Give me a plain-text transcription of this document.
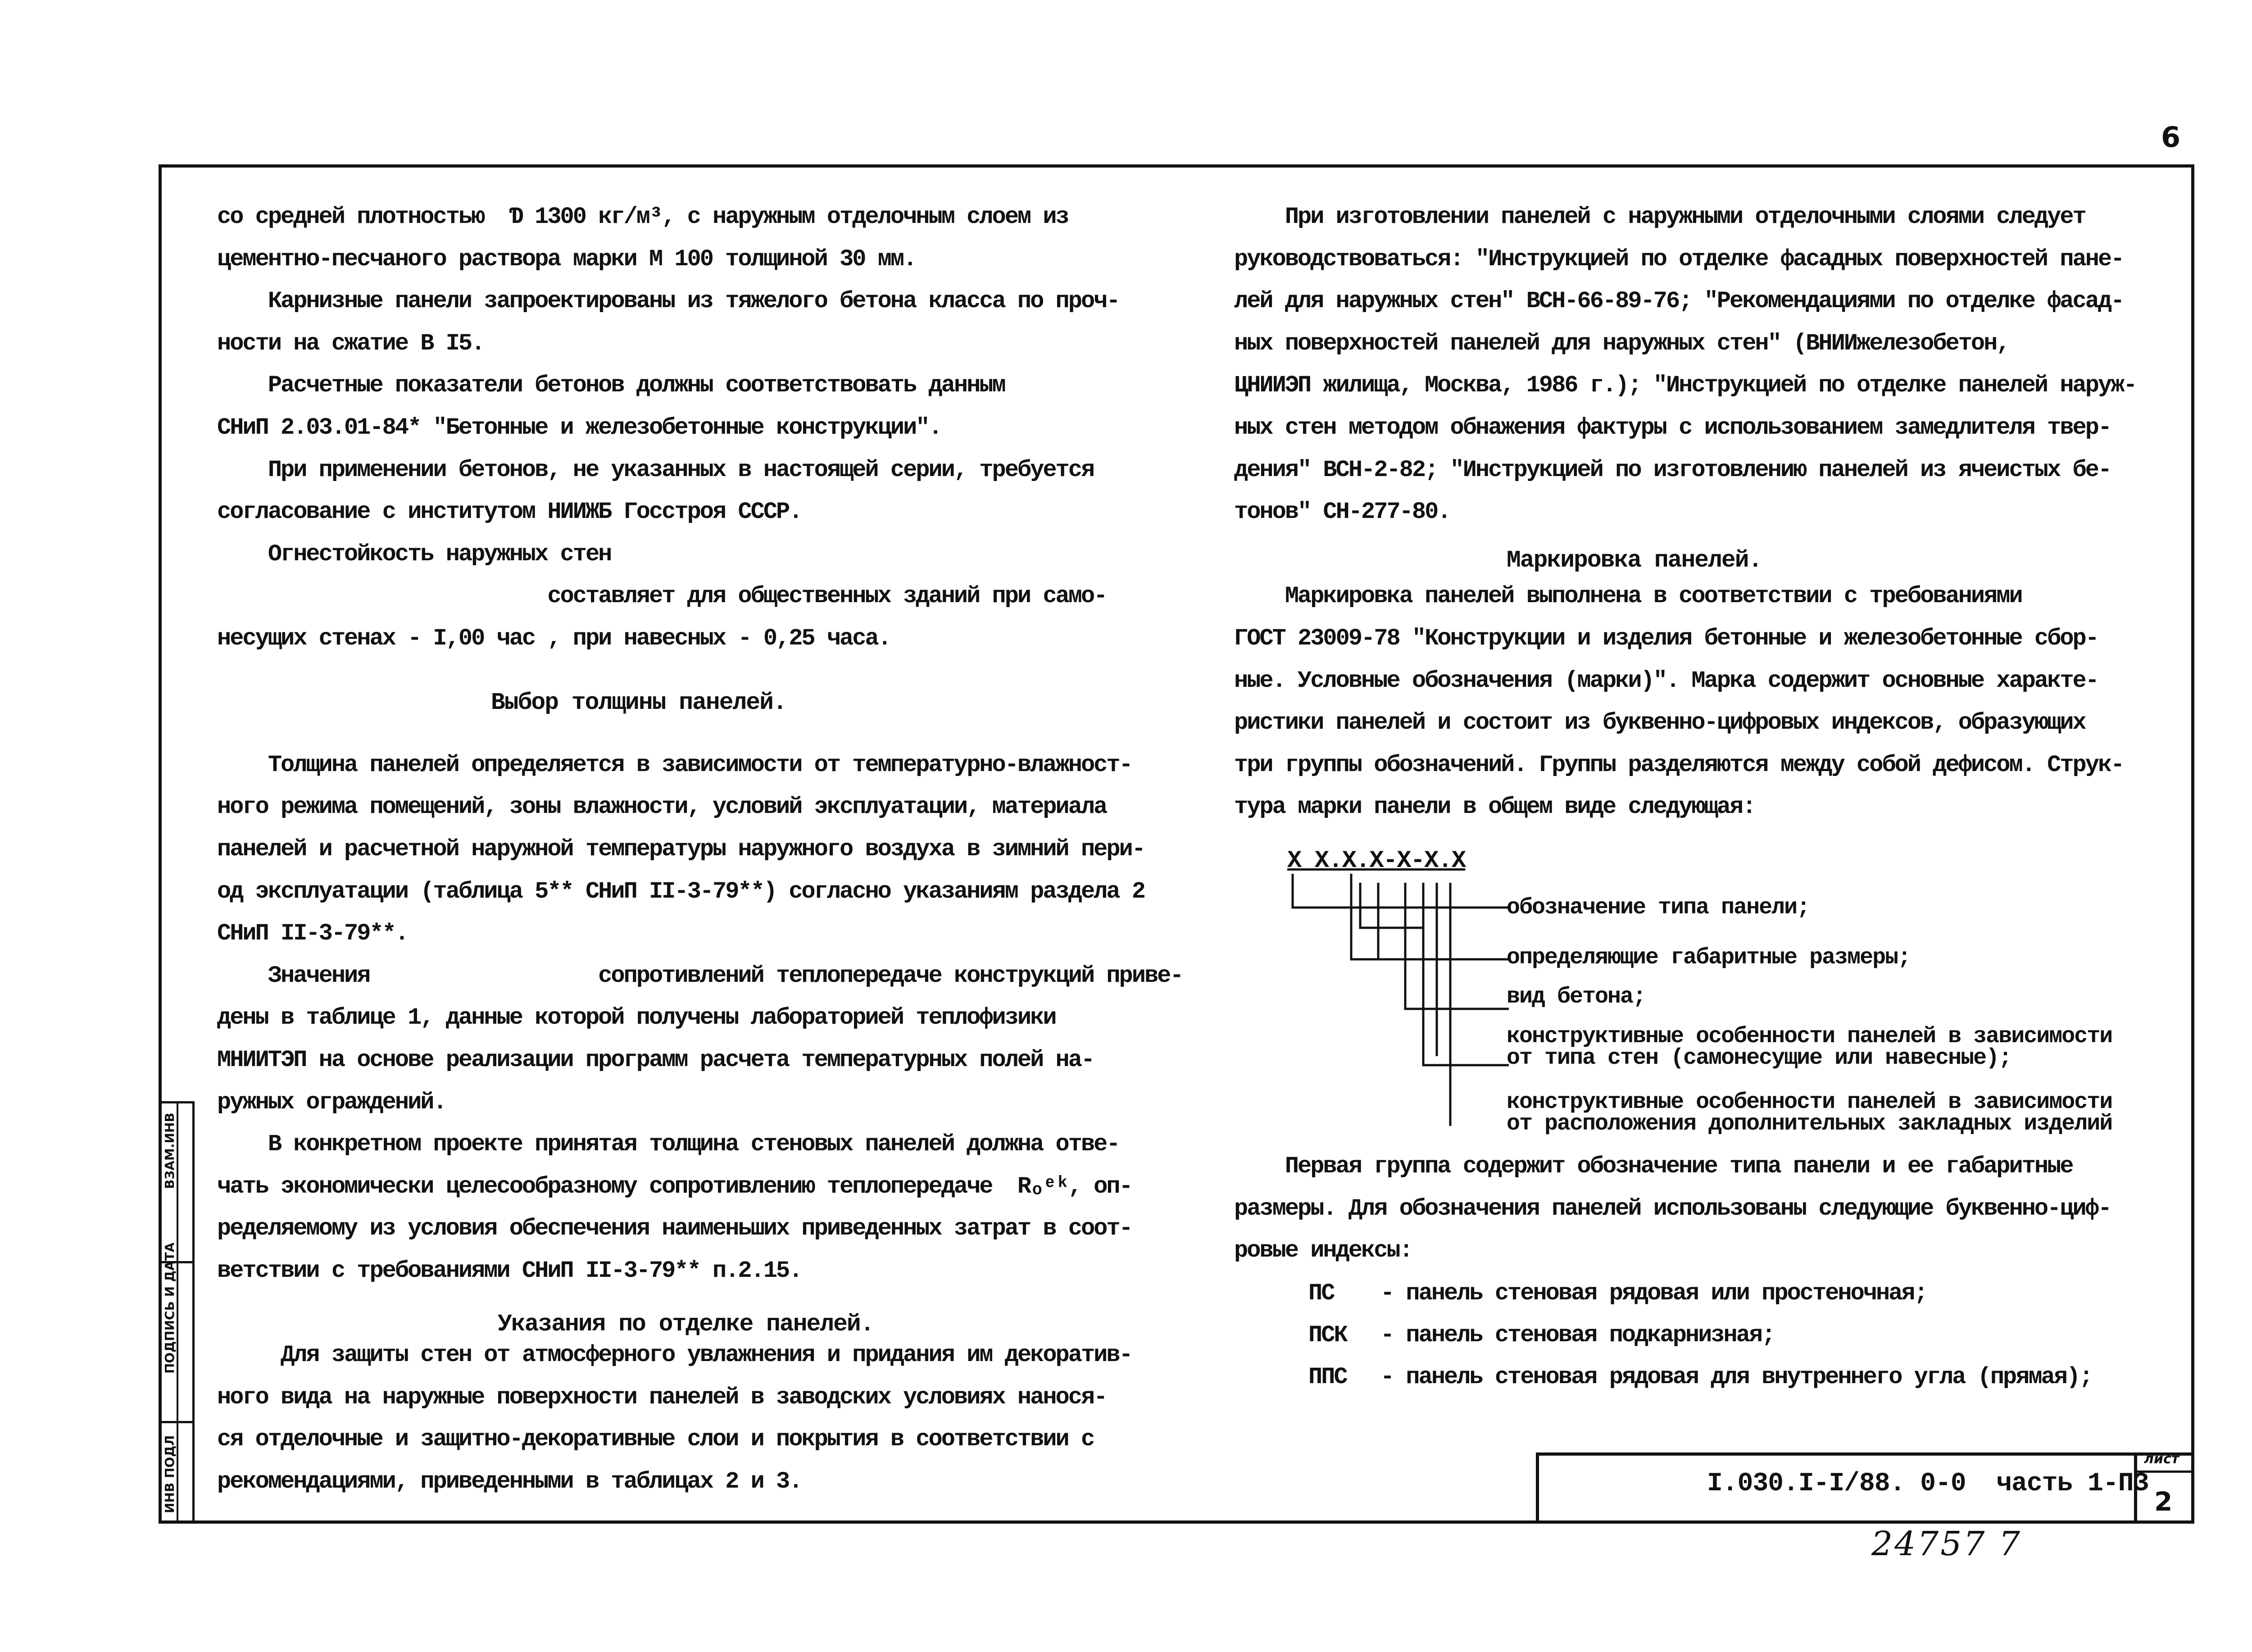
6
со средней плотностью  Ɗ 1300 кг/м³, с наружным отделочным слоем из
цементно-песчаного раствора марки М 100 толщиной 30 мм.
Карнизные панели запроектированы из тяжелого бетона класса по проч-
ности на сжатие В I5.
Расчетные показатели бетонов должны соответствовать данным
СНиП 2.03.01-84* "Бетонные и железобетонные конструкции".
При применении бетонов, не указанных в настоящей серии, требуется
согласование с институтом НИИЖБ Госстроя СССР.
Огнестойкость наружных стен
составляет для общественных зданий при само-
несущих стенах - I,00 час , при навесных - 0,25 часа.
Толщина панелей определяется в зависимости от температурно-влажност-
ного режима помещений, зоны влажности, условий эксплуатации, материала
панелей и расчетной наружной температуры наружного воздуха в зимний пери-
од эксплуатации (таблица 5** СНиП II-3-79**) согласно указаниям раздела 2
СНиП II-3-79**.
Значения                  сопротивлений теплопередаче конструкций приве-
дены в таблице 1, данные которой получены лабораторией теплофизики
МНИИТЭП на основе реализации программ расчета температурных полей на-
ружных ограждений.
В конкретном проекте принятая толщина стеновых панелей должна отве-
чать экономически целесообразному сопротивлению теплопередаче  Rₒᵉᵏ, оп-
ределяемому из условия обеспечения наименьших приведенных затрат в соот-
ветствии с требованиями СНиП II-3-79** п.2.15.
Для защиты стен от атмосферного увлажнения и придания им декоратив-
ного вида на наружные поверхности панелей в заводских условиях нанося-
ся отделочные и защитно-декоративные слои и покрытия в соответствии с
рекомендациями, приведенными в таблицах 2 и 3.
Выбор толщины панелей.
Указания по отделке панелей.
При изготовлении панелей с наружными отделочными слоями следует
руководствоваться: "Инструкцией по отделке фасадных поверхностей пане-
лей для наружных стен" ВСН-66-89-76; "Рекомендациями по отделке фасад-
ных поверхностей панелей для наружных стен" (ВНИИжелезобетон,
ЦНИИЭП жилища, Москва, 1986 г.); "Инструкцией по отделке панелей наруж-
ных стен методом обнажения фактуры с использованием замедлителя твер-
дения" ВСН-2-82; "Инструкцией по изготовлению панелей из ячеистых бе-
тонов" СН-277-80.
Маркировка панелей выполнена в соответствии с требованиями
ГОСТ 23009-78 "Конструкции и изделия бетонные и железобетонные сбор-
ные. Условные обозначения (марки)". Марка содержит основные характе-
ристики панелей и состоит из буквенно-цифровых индексов, образующих
три группы обозначений. Группы разделяются между собой дефисом. Струк-
тура марки панели в общем виде следующая:
Маркировка панелей.
X X.X.X-X-X.X
обозначение типа панели;
определяющие габаритные размеры;
вид бетона;
конструктивные особенности панелей в зависимости
от типа стен (самонесущие или навесные);
конструктивные особенности панелей в зависимости
от расположения дополнительных закладных изделий
Первая группа содержит обозначение типа панели и ее габаритные
размеры. Для обозначения панелей использованы следующие буквенно-циф-
ровые индексы:
ПС - панель стеновая рядовая или простеночная;
ПСК - панель стеновая подкарнизная;
ППС - панель стеновая рядовая для внутреннего угла (прямая);
ВЗАМ.ИНВ
ПОДПИСЬ И ДАТА
ИНВ ПОДЛ	I.030.I-I/88. 0-0  часть 1-ПЗ
лист
2
24757 7
